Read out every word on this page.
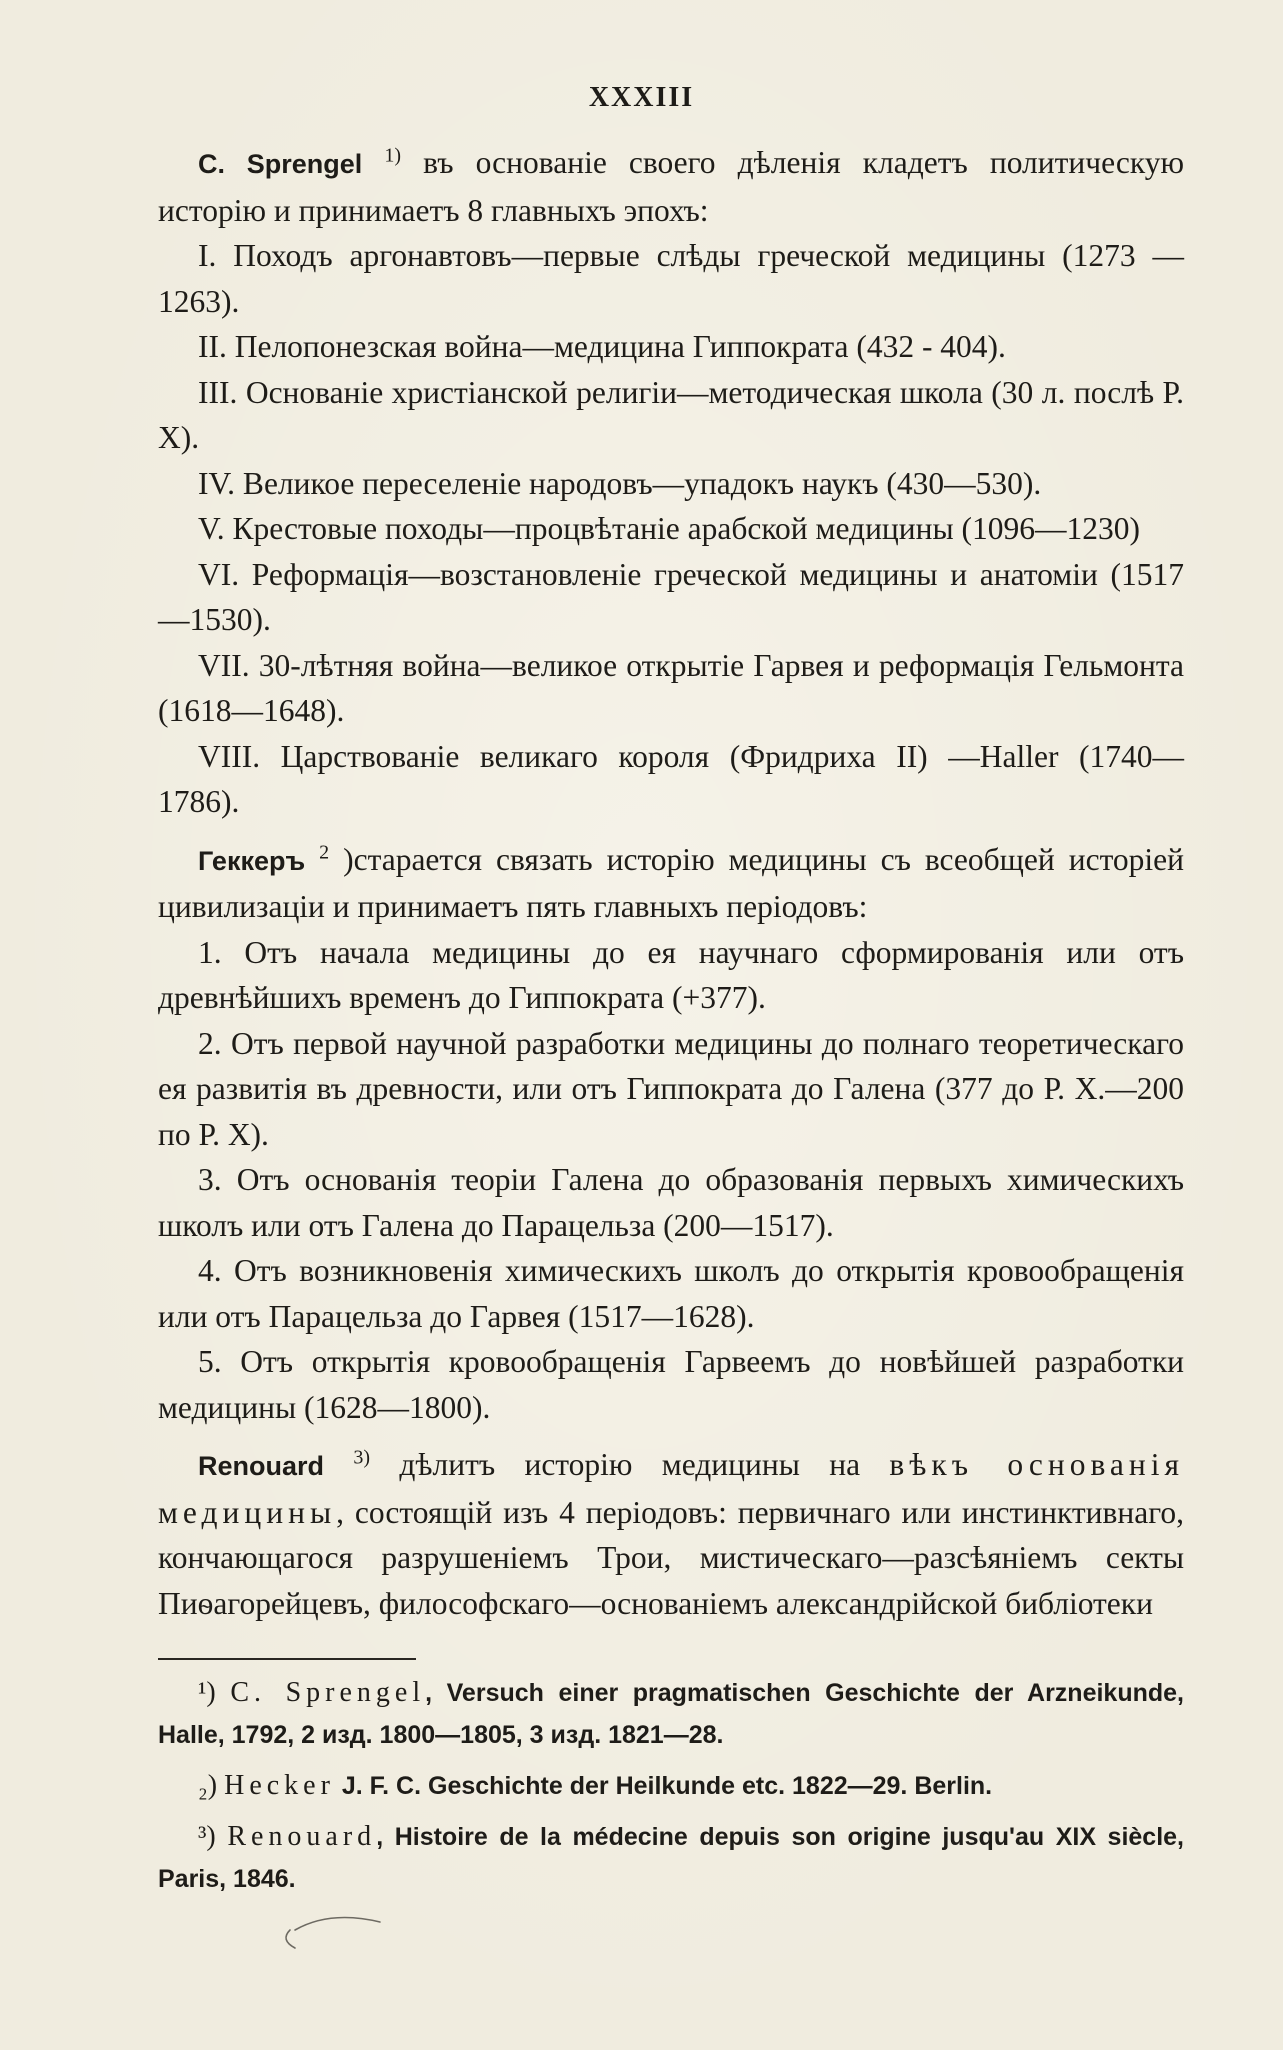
XXXIII

C. Sprengel $^{1)}$ въ основаніе своего дѣленія кладетъ политическую исторію и принимаетъ 8 главныхъ эпохъ:

I. Походъ аргонавтовъ—первые слѣды греческой медицины (1273 —1263).

II. Пелопонезская война—медицина Гиппократа (432 - 404).

III. Основаніе христіанской религіи—методическая школа (30 л. послѣ Р. X).

IV. Великое переселеніе народовъ—упадокъ наукъ (430—530).

V. Крестовые походы—процвѣтаніе арабской медицины (1096—1230)

VI. Реформація—возстановленіе греческой медицины и анатоміи (1517—1530).

VII. 30-лѣтняя война—великое открытіе Гарвея и реформація Гельмонта (1618—1648).

VIII. Царствованіе великаго короля (Фридриха II) —Haller (1740— 1786).

Геккеръ $^2$ )старается связать исторію медицины съ всеобщей исторіей цивилизаціи и принимаетъ пять главныхъ періодовъ:

1. Отъ начала медицины до ея научнаго сформированія или отъ древнѣйшихъ временъ до Гиппократа (+377).

2. Отъ первой научной разработки медицины до полнаго теоретическаго ея развитія въ древности, или отъ Гиппократа до Галена (377 до Р. X.—200 по Р. X).

3. Отъ основанія теоріи Галена до образованія первыхъ химическихъ школъ или отъ Галена до Парацельза (200—1517).

4. Отъ возникновенія химическихъ школъ до открытія кровообращенія или отъ Парацельза до Гарвея (1517—1628).

5. Отъ открытія кровообращенія Гарвеемъ до новѣйшей разработки медицины (1628—1800).

Renouard $^{3)}$ дѣлитъ исторію медицины на вѣкъ основанія медицины, состоящій изъ 4 періодовъ: первичнаго или инстинктивнаго, кончающагося разрушеніемъ Трои, мистическаго—разсѣяніемъ секты Пиѳагорейцевъ, философскаго—основаніемъ александрійской библіотеки

¹) C. Sprengel, Versuch einer pragmatischen Geschichte der Arzneikunde, Halle, 1792, 2 изд. 1800—1805, 3 изд. 1821—28.

₂) Hecker J. F. C. Geschichte der Heilkunde etc. 1822—29. Berlin.

³) Renouard, Histoire de la médecine depuis son origine jusqu'au XIX siècle, Paris, 1846.
